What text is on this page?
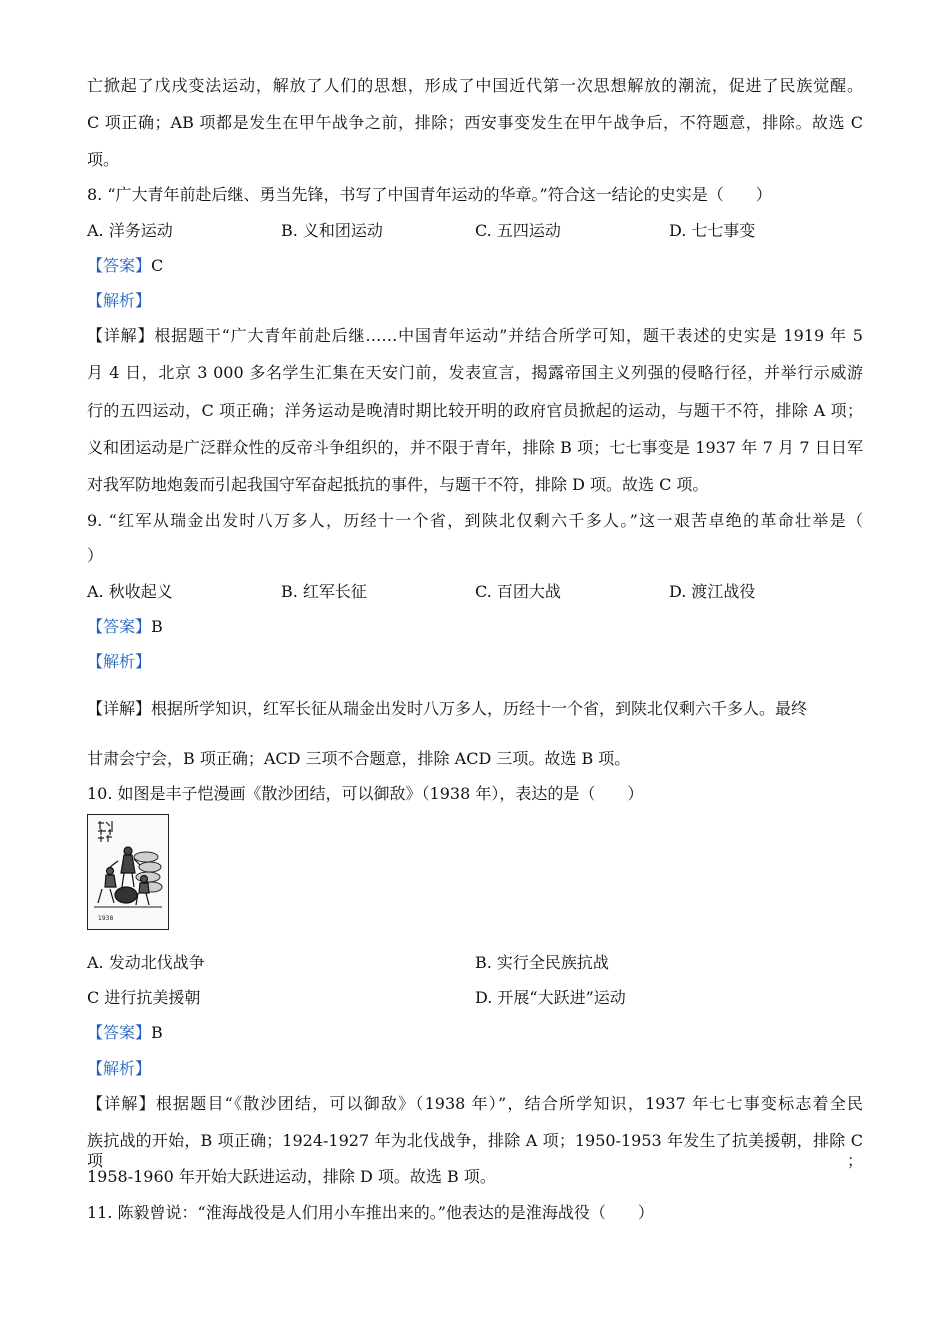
亡掀起了戊戌变法运动，解放了人们的思想，形成了中国近代第一次思想解放的潮流，促进了民族觉醒。
C 项正确；AB 项都是发生在甲午战争之前，排除；西安事变发生在甲午战争后，不符题意，排除。故选 C
项。
8. “广大青年前赴后继、勇当先锋，书写了中国青年运动的华章。”符合这一结论的史实是（　　）
A. 洋务运动	B. 义和团运动	C. 五四运动	D. 七七事变
【答案】C
【解析】
【详解】根据题干“广大青年前赴后继……中国青年运动”并结合所学可知，题干表述的史实是 1919 年 5
月 4 日，北京 3 000 多名学生汇集在天安门前，发表宣言，揭露帝国主义列强的侵略行径，并举行示威游
行的五四运动，C 项正确；洋务运动是晚清时期比较开明的政府官员掀起的运动，与题干不符，排除 A 项；
义和团运动是广泛群众性的反帝斗争组织的，并不限于青年，排除 B 项；七七事变是 1937 年 7 月 7 日日军
对我军防地炮轰而引起我国守军奋起抵抗的事件，与题干不符，排除 D 项。故选 C 项。
9. “红军从瑞金出发时八万多人，历经十一个省，到陕北仅剩六千多人。”这一艰苦卓绝的革命壮举是（
）
A. 秋收起义	B. 红军长征	C. 百团大战	D. 渡江战役
【答案】B
【解析】
【详解】根据所学知识，红军长征从瑞金出发时八万多人，历经十一个省，到陕北仅剩六千多人。最终
甘肃会宁会，B 项正确；ACD 三项不合题意，排除 ACD 三项。故选 B 项。
10. 如图是丰子恺漫画《散沙团结，可以御敌》（1938 年），表达的是（　　）
1938
A. 发动北伐战争	B. 实行全民族抗战
C 进行抗美援朝	D. 开展“大跃进”运动
【答案】B
【解析】
【详解】根据题目“《散沙团结，可以御敌》（1938 年）”，结合所学知识，1937 年七七事变标志着全民
族抗战的开始，B 项正确；1924-1927 年为北伐战争，排除 A 项；1950-1953 年发生了抗美援朝，排除 C 项；
1958-1960 年开始大跃进运动，排除 D 项。故选 B 项。
11. 陈毅曾说：“淮海战役是人们用小车推出来的。”他表达的是淮海战役（　　）
